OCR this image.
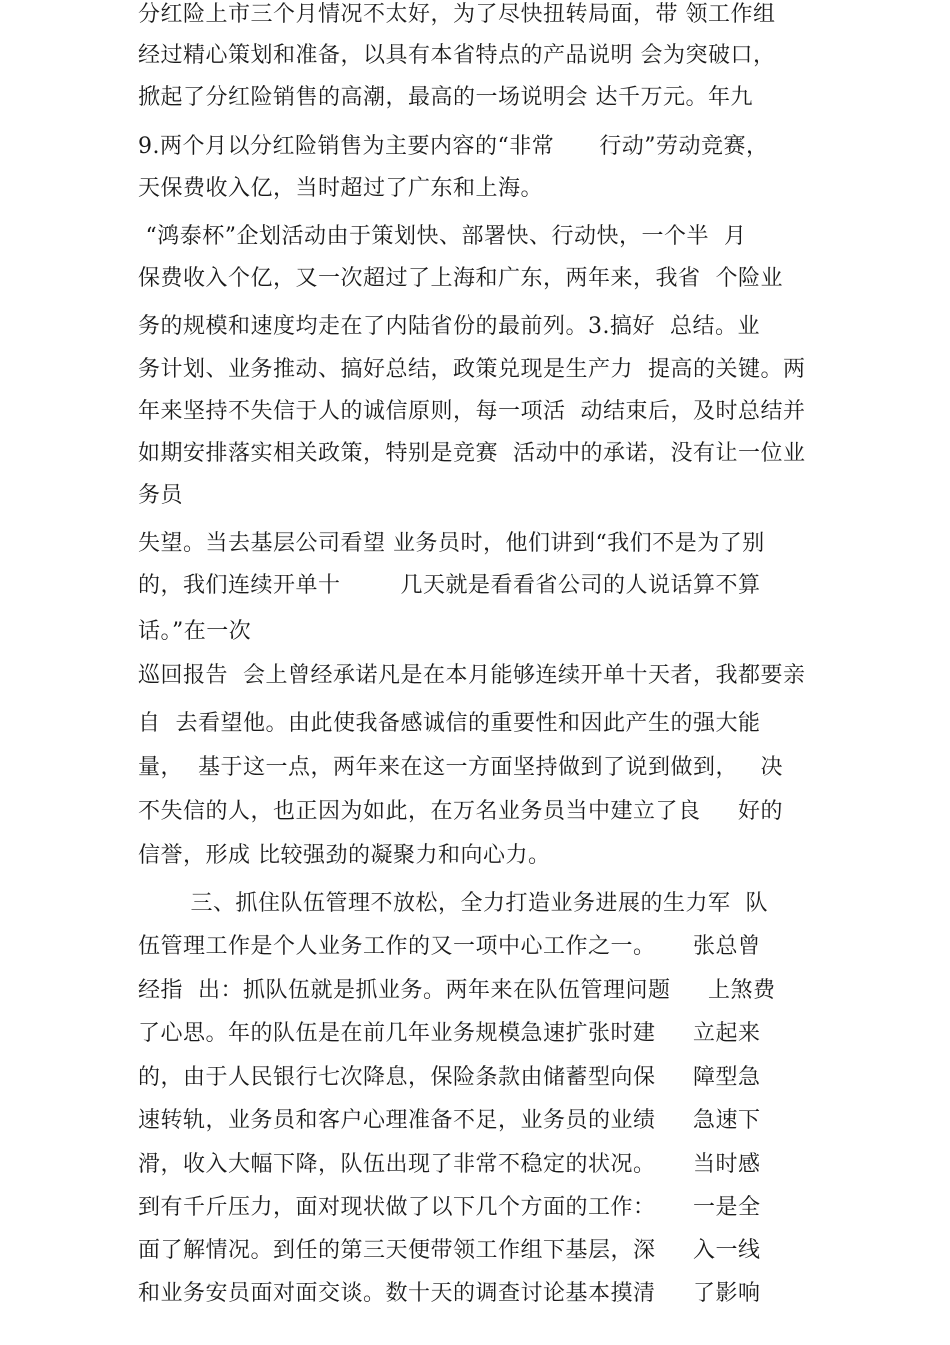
分红险上市三个月情况不太好，为了尽快扭转局面，带 领工作组
经过精心策划和准备，以具有本省特点的产品说明 会为突破口，
掀起了分红险销售的高潮，最高的一场说明会 达千万元。年九
9.两个月以分红险销售为主要内容的“非常      行动”劳动竞赛，
天保费收入亿，当时超过了广东和上海。
“鸿泰杯”企划活动由于策划快、部署快、行动快，一个半  月
保费收入个亿，又一次超过了上海和广东，两年来，我省  个险业
务的规模和速度均走在了内陆省份的最前列。3.搞好  总结。业
务计划、业务推动、搞好总结，政策兑现是生产力  提高的关键。两
年来坚持不失信于人的诚信原则，每一项活  动结束后，及时总结并
如期安排落实相关政策，特别是竞赛  活动中的承诺，没有让一位业
务员
失望。当去基层公司看望 业务员时，他们讲到“我们不是为了别
的，我们连续开单十        几天就是看看省公司的人说话算不算
话。”在一次
巡回报告  会上曾经承诺凡是在本月能够连续开单十天者，我都要亲
自  去看望他。由此使我备感诚信的重要性和因此产生的强大能
量，  基于这一点，两年来在这一方面坚持做到了说到做到，   决
不失信的人，也正因为如此，在万名业务员当中建立了良     好的
信誉，形成 比较强劲的凝聚力和向心力。
三、抓住队伍管理不放松，全力打造业务进展的生力军  队
伍管理工作是个人业务工作的又一项中心工作之一。     张总曾
经指  出：抓队伍就是抓业务。两年来在队伍管理问题     上煞费
了心思。年的队伍是在前几年业务规模急速扩张时建     立起来
的，由于人民银行七次降息，保险条款由储蓄型向保     障型急
速转轨，业务员和客户心理准备不足，业务员的业绩     急速下
滑，收入大幅下降，队伍出现了非常不稳定的状况。     当时感
到有千斤压力，面对现状做了以下几个方面的工作：     一是全
面了解情况。到任的第三天便带领工作组下基层，深     入一线
和业务安员面对面交谈。数十天的调查讨论基本摸清     了影响
